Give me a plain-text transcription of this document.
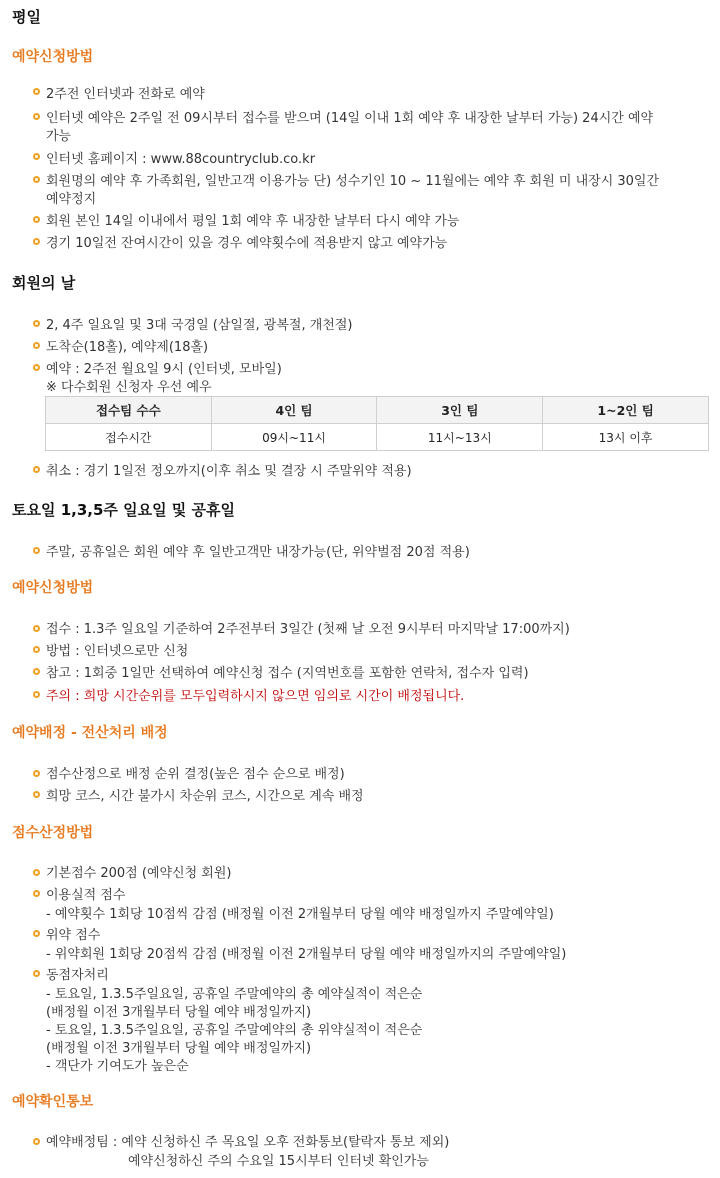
평일
예약신청방법
2주전 인터넷과 전화로 예약
인터넷 예약은 2주일 전 09시부터 접수를 받으며 (14일 이내 1회 예약 후 내장한 날부터 가능) 24시간 예약
가능
인터넷 홈페이지 : www.88countryclub.co.kr
회원명의 예약 후 가족회원, 일반고객 이용가능 단) 성수기인 10 ~ 11월에는 예약 후 회원 미 내장시 30일간
예약정지
회원 본인 14일 이내에서 평일 1회 예약 후 내장한 날부터 다시 예약 가능
경기 10일전 잔여시간이 있을 경우 예약횟수에 적용받지 않고 예약가능
회원의 날
2, 4주 일요일 및 3대 국경일 (삼일절, 광복절, 개천절)
도착순(18홀), 예약제(18홀)
예약 : 2주전 월요일 9시 (인터넷, 모바일)
※ 다수회원 신청자 우선 예우
접수팀 수수	4인 팀	3인 팀	1~2인 팀
접수시간	09시~11시	11시~13시	13시 이후
취소 : 경기 1일전 정오까지(이후 취소 및 결장 시 주말위약 적용)
토요일 1,3,5주 일요일 및 공휴일
주말, 공휴일은 회원 예약 후 일반고객만 내장가능(단, 위약벌점 20점 적용)
예약신청방법
접수 : 1.3주 일요일 기준하여 2주전부터 3일간 (첫째 날 오전 9시부터 마지막날 17:00까지)
방법 : 인터넷으로만 신청
참고 : 1회중 1일만 선택하여 예약신청 접수 (지역번호를 포함한 연락처, 접수자 입력)
주의 : 희망 시간순위를 모두입력하시지 않으면 임의로 시간이 배정됩니다.
예약배정 - 전산처리 배정
점수산정으로 배정 순위 결정(높은 점수 순으로 배정)
희망 코스, 시간 불가시 차순위 코스, 시간으로 계속 배정
점수산정방법
기본점수 200점 (예약신청 회원)
이용실적 점수
- 예약횟수 1회당 10점씩 감점 (배정월 이전 2개월부터 당월 예약 배정일까지 주말예약일)
위약 점수
- 위약회원 1회당 20점씩 감점 (배정월 이전 2개월부터 당월 예약 배정일까지의 주말예약일)
동점자처리
- 토요일, 1.3.5주일요일, 공휴일 주말예약의 총 예약실적이 적은순
(배정월 이전 3개월부터 당월 예약 배정일까지)
- 토요일, 1.3.5주일요일, 공휴일 주말예약의 총 위약실적이 적은순
(배정월 이전 3개월부터 당월 예약 배정일까지)
- 객단가 기여도가 높은순
예약확인통보
예약배정팀 : 예약 신청하신 주 목요일 오후 전화통보(탈락자 통보 제외)
예약신청하신 주의 수요일 15시부터 인터넷 확인가능
